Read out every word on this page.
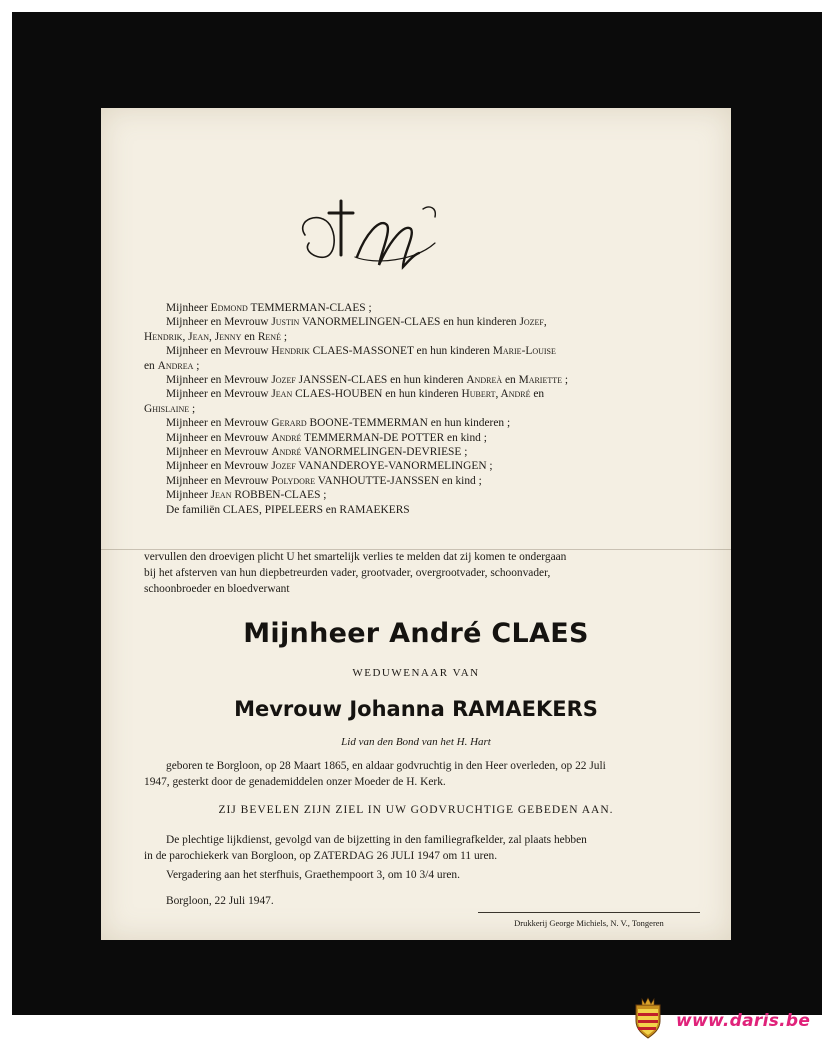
Mijnheer Edmond TEMMERMAN-CLAES ;
Mijnheer en Mevrouw Justin VANORMELINGEN-CLAES en hun kinderen Jozef,
Hendrik, Jean, Jenny en René ;
Mijnheer en Mevrouw Hendrik CLAES-MASSONET en hun kinderen Marie-Louise
en Andrea ;
Mijnheer en Mevrouw Jozef JANSSEN-CLAES en hun kinderen Andreà en Mariette ;
Mijnheer en Mevrouw Jean CLAES-HOUBEN en hun kinderen Hubert, André en
Ghislaine ;
Mijnheer en Mevrouw Gerard BOONE-TEMMERMAN en hun kinderen ;
Mijnheer en Mevrouw André TEMMERMAN-DE POTTER en kind ;
Mijnheer en Mevrouw André VANORMELINGEN-DEVRIESE ;
Mijnheer en Mevrouw Jozef VANANDEROYE-VANORMELINGEN ;
Mijnheer en Mevrouw Polydore VANHOUTTE-JANSSEN en kind ;
Mijnheer Jean ROBBEN-CLAES ;
De familiën CLAES, PIPELEERS en RAMAEKERS
vervullen den droevigen plicht U het smartelijk verlies te melden dat zij komen te ondergaan
bij het afsterven van hun diepbetreurden vader, grootvader, overgrootvader, schoonvader,
schoonbroeder en bloedverwant
Mijnheer André CLAES
WEDUWENAAR VAN
Mevrouw Johanna RAMAEKERS
Lid van den Bond van het H. Hart
geboren te Borgloon, op 28 Maart 1865, en aldaar godvruchtig in den Heer overleden, op 22 Juli
1947, gesterkt door de genademiddelen onzer Moeder de H. Kerk.
ZIJ BEVELEN ZIJN ZIEL IN UW GODVRUCHTIGE GEBEDEN AAN.
De plechtige lijkdienst, gevolgd van de bijzetting in den familiegrafkelder, zal plaats hebben
in de parochiekerk van Borgloon, op ZATERDAG 26 JULI 1947 om 11 uren.
Vergadering aan het sterfhuis, Graethempoort 3, om 10 3/4 uren.
Borgloon, 22 Juli 1947.
Drukkerij George Michiels, N. V., Tongeren
www.daris.be
